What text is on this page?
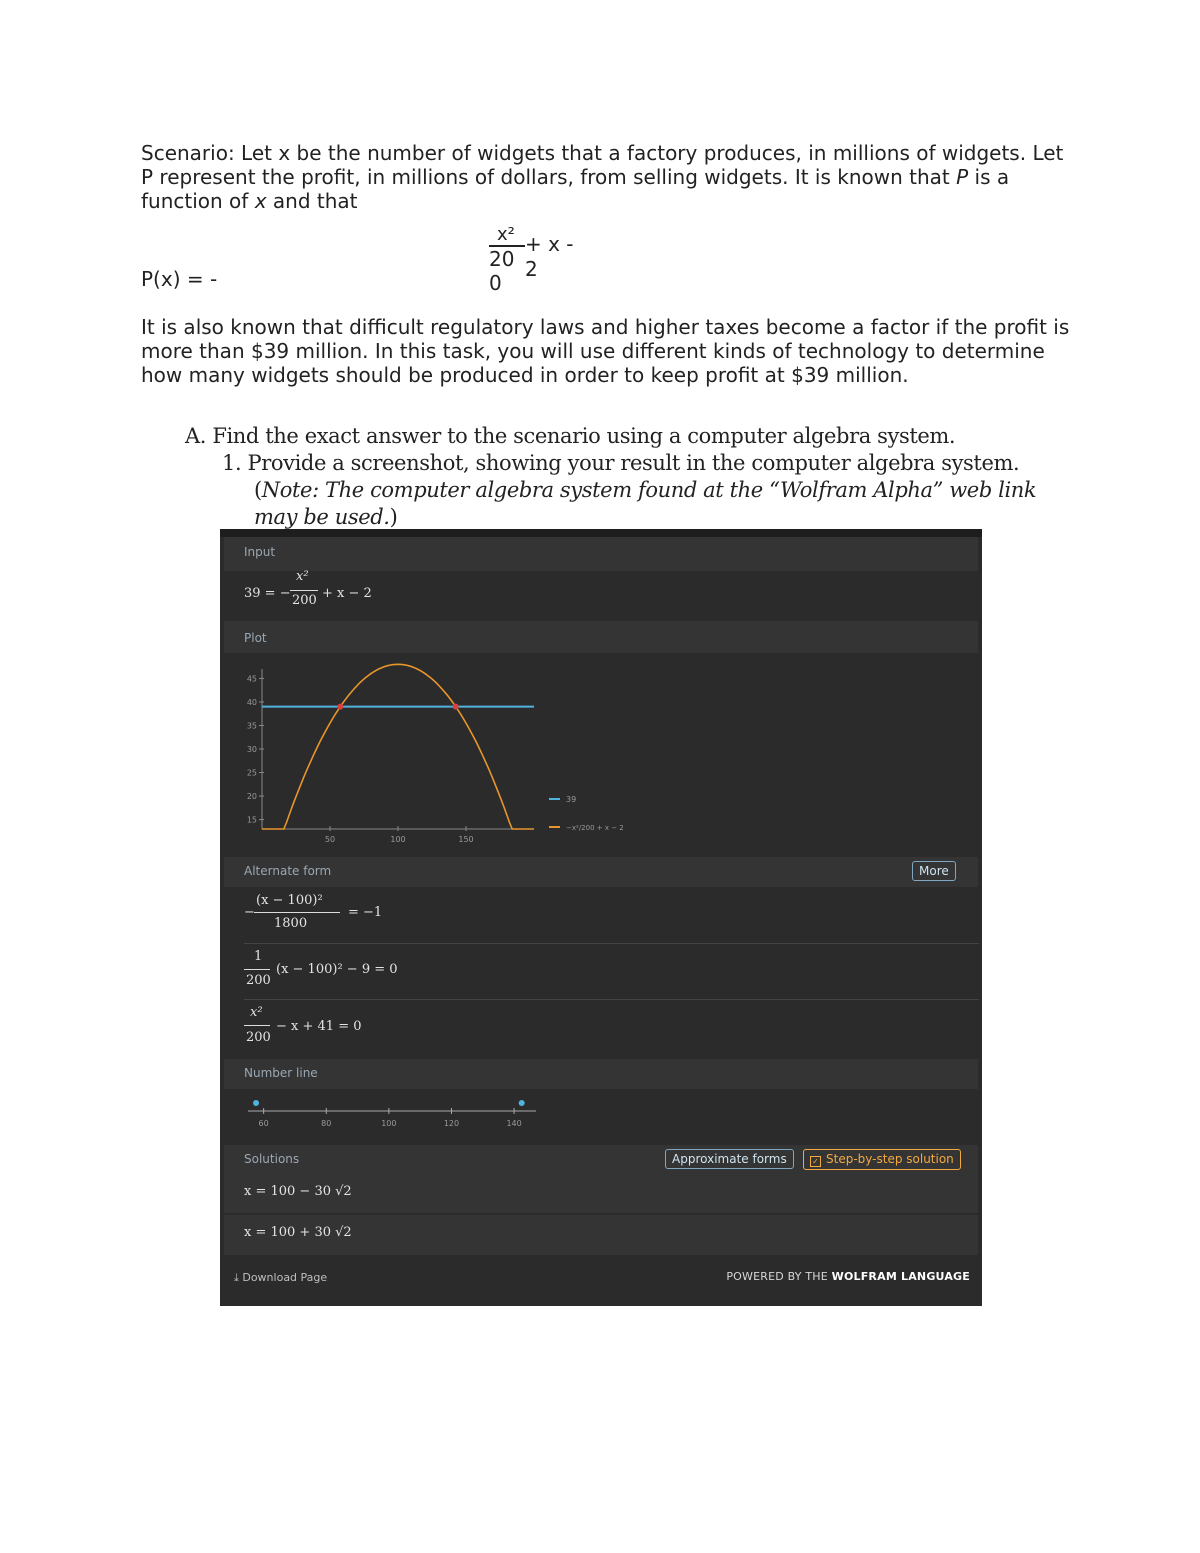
Scenario: Let x be the number of widgets that a factory produces, in millions of widgets. Let P represent the profit, in millions of dollars, from selling widgets. It is known that P is a function of x and that

P(x) = -
x² + x -
20 2
0

It is also known that difficult regulatory laws and higher taxes become a factor if the profit is more than $39 million. In this task, you will use different kinds of technology to determine how many widgets should be produced in order to keep profit at $39 million.

A. Find the exact answer to the scenario using a computer algebra system.

1. Provide a screenshot, showing your result in the computer algebra system. (Note: The computer algebra system found at the “Wolfram Alpha” web link may be used.)

Input
39 = −
x²
200 + x − 2
Plot
15
20
25
30
35
40
45
50	100	150
39
−x²/200 + x − 2
Alternate form	More
−
(x − 100)²
1800
= −1
1
200
(x − 100)² − 9 = 0
x²
200
− x + 41 = 0
Number line
60	80	100	120	140
Solutions	Approximate forms	✓ Step-by-step solution
x = 100 − 30 √2
x = 100 + 30 √2
⤓ Download Page	POWERED BY THE WOLFRAM LANGUAGE
